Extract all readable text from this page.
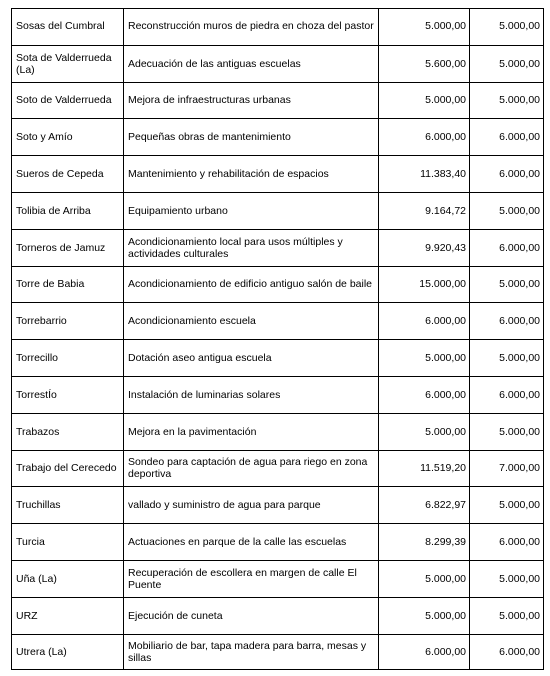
Sosas del Cumbral	Reconstrucción muros de piedra en choza del pastor	5.000,00	5.000,00
Sota de Valderrueda (La)	Adecuación de las antiguas escuelas	5.600,00	5.000,00
Soto de Valderrueda	Mejora de infraestructuras urbanas	5.000,00	5.000,00
Soto y Amío	Pequeñas obras de mantenimiento	6.000,00	6.000,00
Sueros de Cepeda	Mantenimiento y rehabilitación de espacios	11.383,40	6.000,00
Tolibia de Arriba	Equipamiento urbano	9.164,72	5.000,00
Torneros de Jamuz	Acondicionamiento local para usos múltiples y actividades culturales	9.920,43	6.000,00
Torre de Babia	Acondicionamiento de edificio antiguo salón de baile	15.000,00	5.000,00
Torrebarrio	Acondicionamiento escuela	6.000,00	6.000,00
Torrecillo	Dotación aseo antigua escuela	5.000,00	5.000,00
TorrestÍo	Instalación de luminarias solares	6.000,00	6.000,00
Trabazos	Mejora en la pavimentación	5.000,00	5.000,00
Trabajo del Cerecedo	Sondeo para captación de agua para riego en zona deportiva	11.519,20	7.000,00
Truchillas	vallado y suministro de agua para parque	6.822,97	5.000,00
Turcia	Actuaciones en parque de la calle las escuelas	8.299,39	6.000,00
Uña (La)	Recuperación de escollera en margen de calle El Puente	5.000,00	5.000,00
URZ	Ejecución de cuneta	5.000,00	5.000,00
Utrera (La)	Mobiliario de bar, tapa madera para barra, mesas y sillas	6.000,00	6.000,00
